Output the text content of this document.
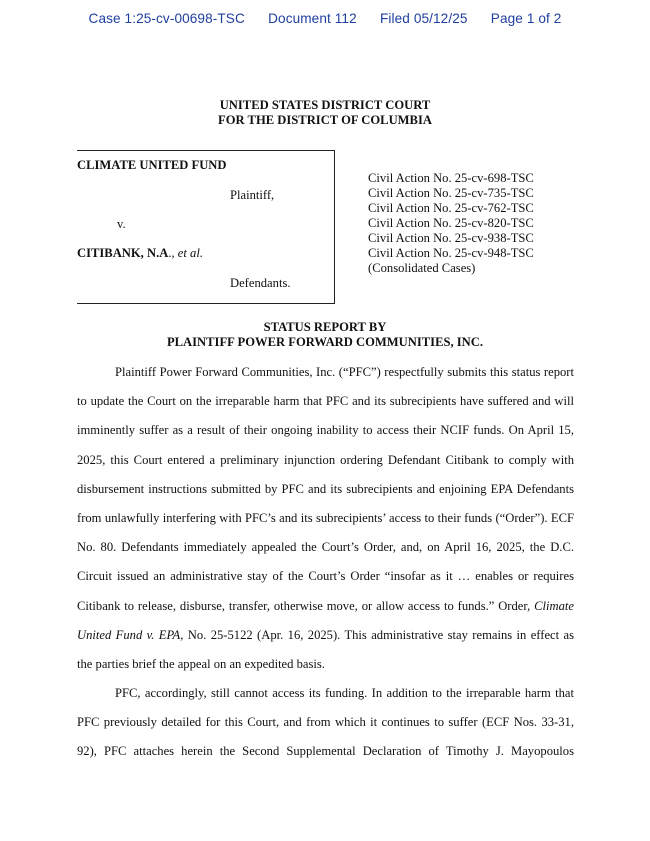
Case 1:25-cv-00698-TSC      Document 112      Filed 05/12/25      Page 1 of 2
UNITED STATES DISTRICT COURT
FOR THE DISTRICT OF COLUMBIA
CLIMATE UNITED FUND
Plaintiff,
v.
CITIBANK, N.A., et al.
Defendants.
Civil Action No. 25-cv-698-TSC
Civil Action No. 25-cv-735-TSC
Civil Action No. 25-cv-762-TSC
Civil Action No. 25-cv-820-TSC
Civil Action No. 25-cv-938-TSC
Civil Action No. 25-cv-948-TSC
(Consolidated Cases)
STATUS REPORT BY
PLAINTIFF POWER FORWARD COMMUNITIES, INC.
Plaintiff Power Forward Communities, Inc. (“PFC”) respectfully submits this status report
to update the Court on the irreparable harm that PFC and its subrecipients have suffered and will
imminently suffer as a result of their ongoing inability to access their NCIF funds. On April 15,
2025, this Court entered a preliminary injunction ordering Defendant Citibank to comply with
disbursement instructions submitted by PFC and its subrecipients and enjoining EPA Defendants
from unlawfully interfering with PFC’s and its subrecipients’ access to their funds (“Order”). ECF
No. 80. Defendants immediately appealed the Court’s Order, and, on April 16, 2025, the D.C.
Circuit issued an administrative stay of the Court’s Order “insofar as it … enables or requires
Citibank to release, disburse, transfer, otherwise move, or allow access to funds.” Order, Climate
United Fund v. EPA, No. 25-5122 (Apr. 16, 2025). This administrative stay remains in effect as
the parties brief the appeal on an expedited basis.
PFC, accordingly, still cannot access its funding. In addition to the irreparable harm that
PFC previously detailed for this Court, and from which it continues to suffer (ECF Nos. 33-31,
92), PFC attaches herein the Second Supplemental Declaration of Timothy J. Mayopoulos
